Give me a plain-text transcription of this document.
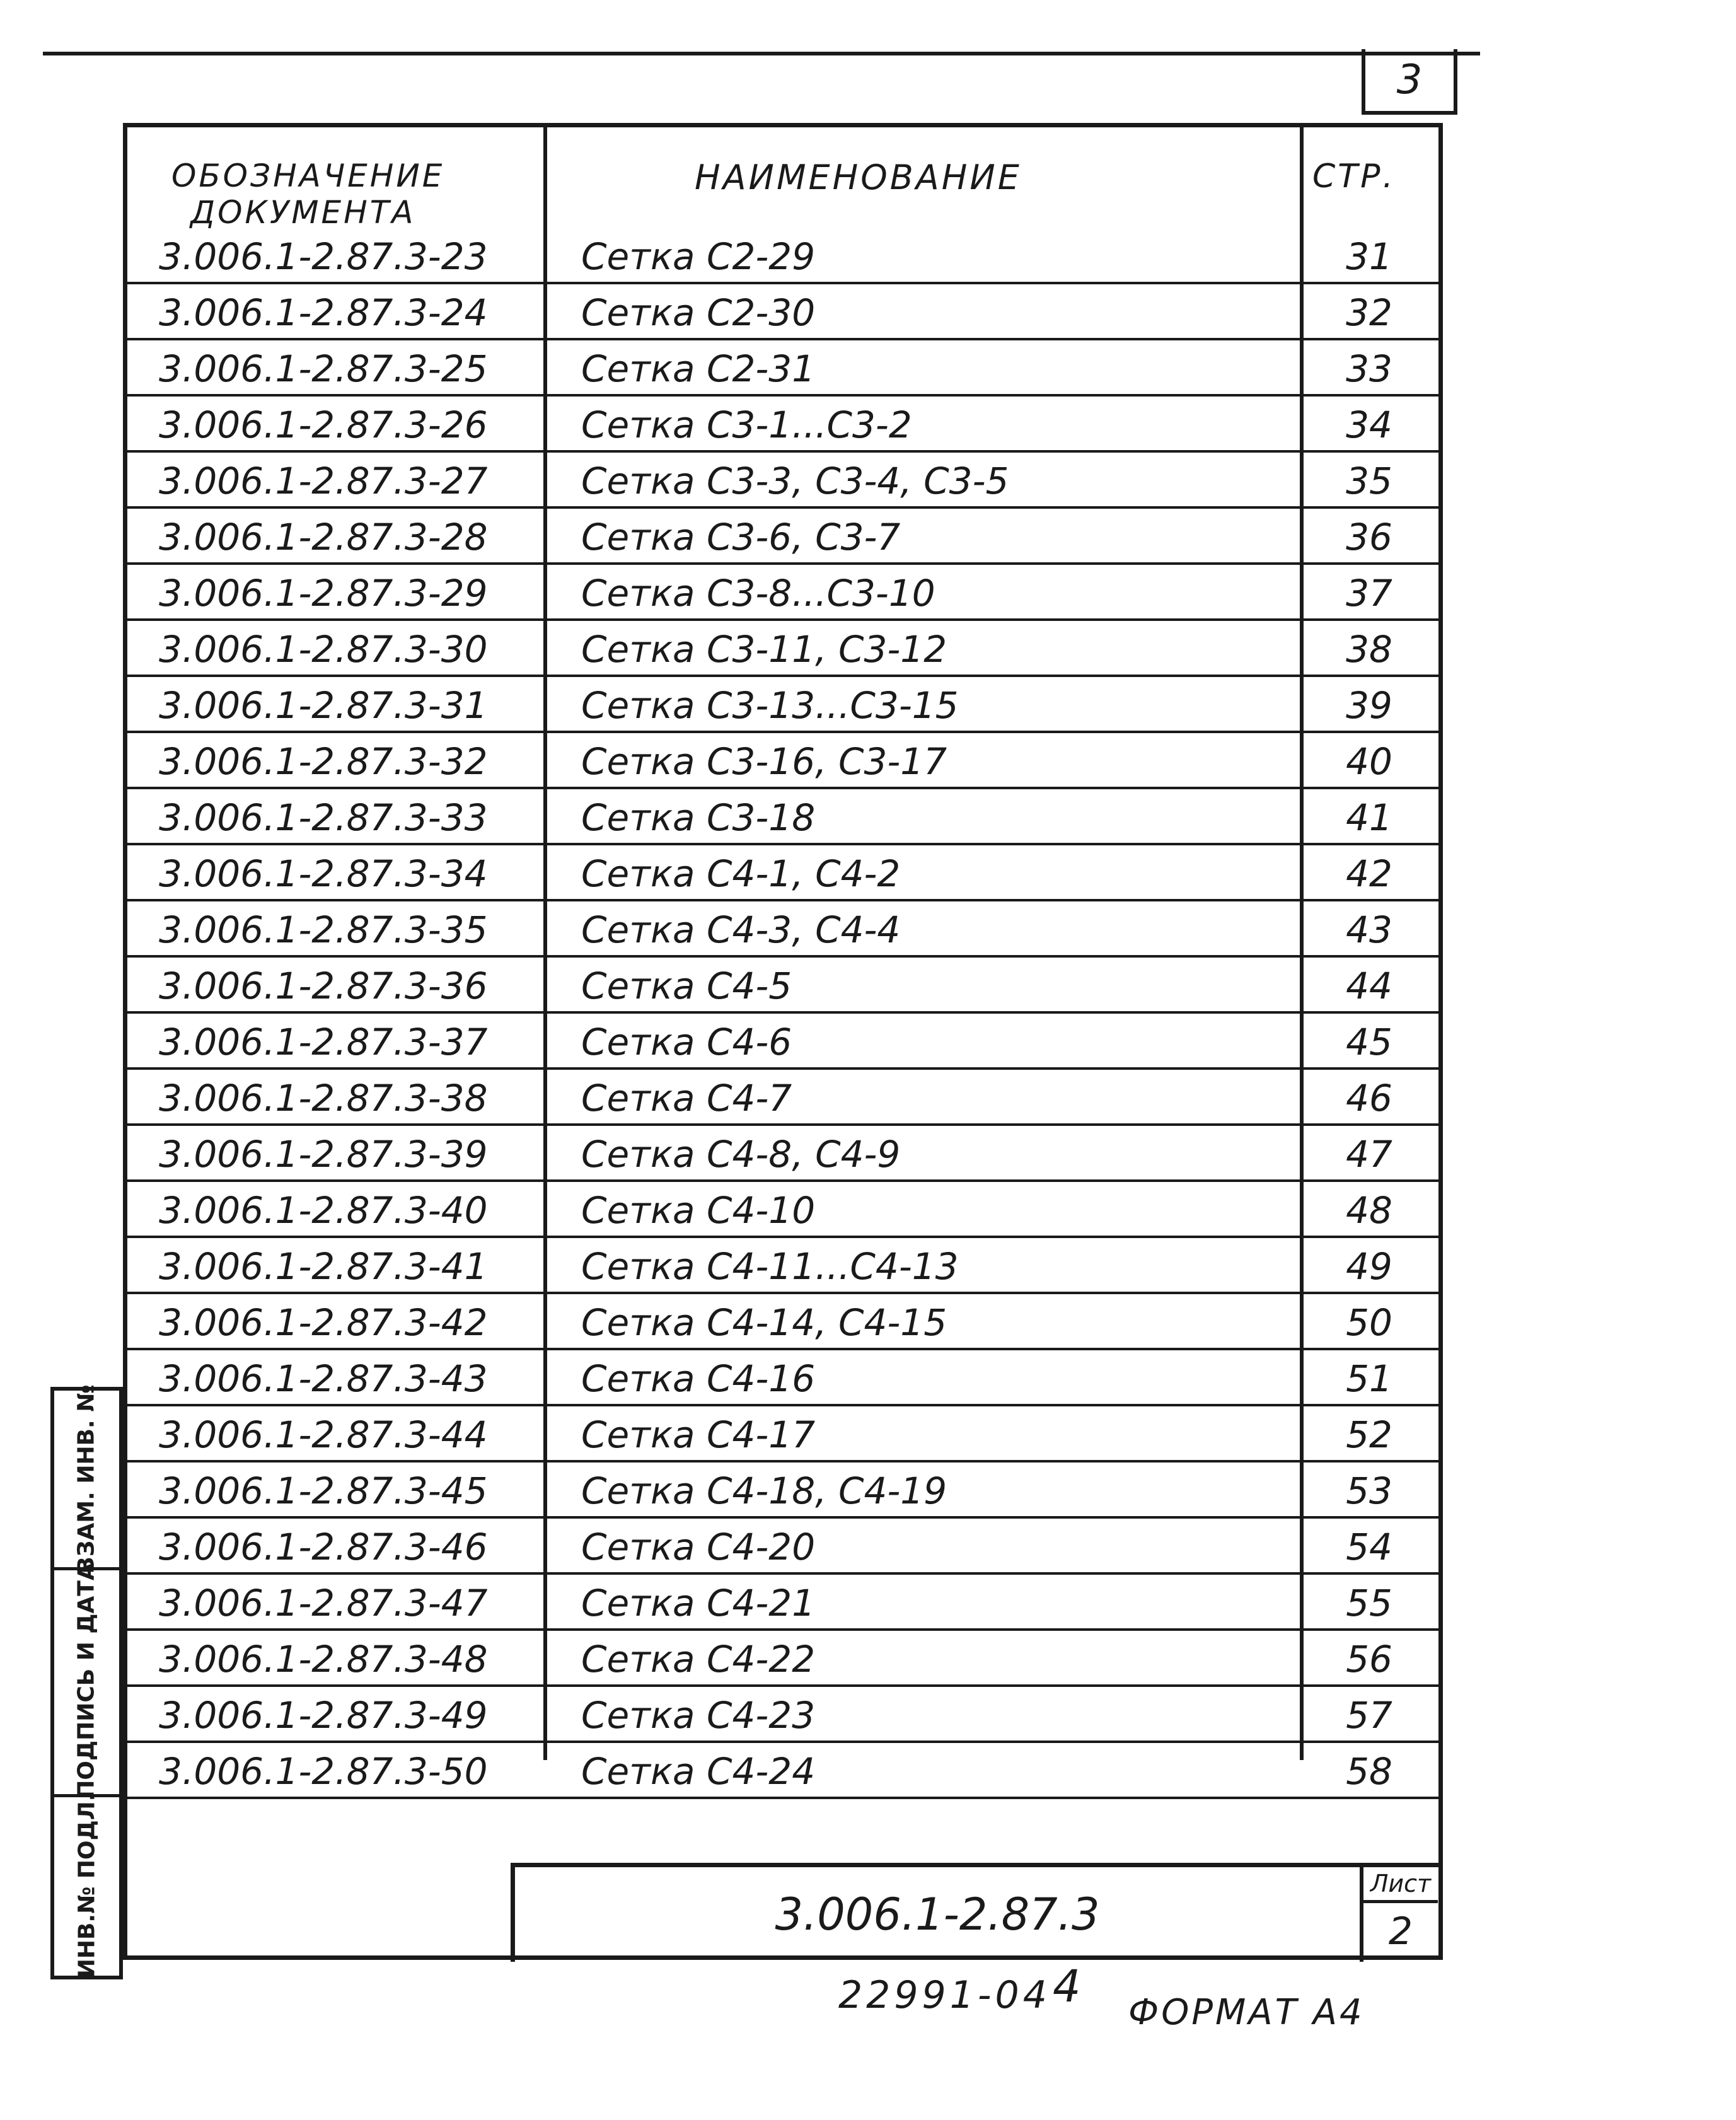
3
ОБОЗНАЧЕНИЕ
ДОКУМЕНТА
НАИМЕНОВАНИЕ	СТР.
3.006.1-2.87.3-23	Сетка С2-29	31
3.006.1-2.87.3-24	Сетка С2-30	32
3.006.1-2.87.3-25	Сетка С2-31	33
3.006.1-2.87.3-26	Сетка С3-1...С3-2	34
3.006.1-2.87.3-27	Сетка С3-3, С3-4, С3-5	35
3.006.1-2.87.3-28	Сетка С3-6, С3-7	36
3.006.1-2.87.3-29	Сетка С3-8...С3-10	37
3.006.1-2.87.3-30	Сетка С3-11, С3-12	38
3.006.1-2.87.3-31	Сетка С3-13...С3-15	39
3.006.1-2.87.3-32	Сетка С3-16, С3-17	40
3.006.1-2.87.3-33	Сетка С3-18	41
3.006.1-2.87.3-34	Сетка С4-1, С4-2	42
3.006.1-2.87.3-35	Сетка С4-3, С4-4	43
3.006.1-2.87.3-36	Сетка С4-5	44
3.006.1-2.87.3-37	Сетка С4-6	45
3.006.1-2.87.3-38	Сетка С4-7	46
3.006.1-2.87.3-39	Сетка С4-8, С4-9	47
3.006.1-2.87.3-40	Сетка С4-10	48
3.006.1-2.87.3-41	Сетка С4-11...С4-13	49
3.006.1-2.87.3-42	Сетка С4-14, С4-15	50
3.006.1-2.87.3-43	Сетка С4-16	51
3.006.1-2.87.3-44	Сетка С4-17	52
3.006.1-2.87.3-45	Сетка С4-18, С4-19	53
3.006.1-2.87.3-46	Сетка С4-20	54
3.006.1-2.87.3-47	Сетка С4-21	55
3.006.1-2.87.3-48	Сетка С4-22	56
3.006.1-2.87.3-49	Сетка С4-23	57
3.006.1-2.87.3-50	Сетка С4-24	58
3.006.1-2.87.3
Лист
2
ВЗАМ. ИНВ. №
ПОДПИСЬ И ДАТА
ИНВ.№ ПОДЛ.
22991-04 4
ФОРМАТ А4
